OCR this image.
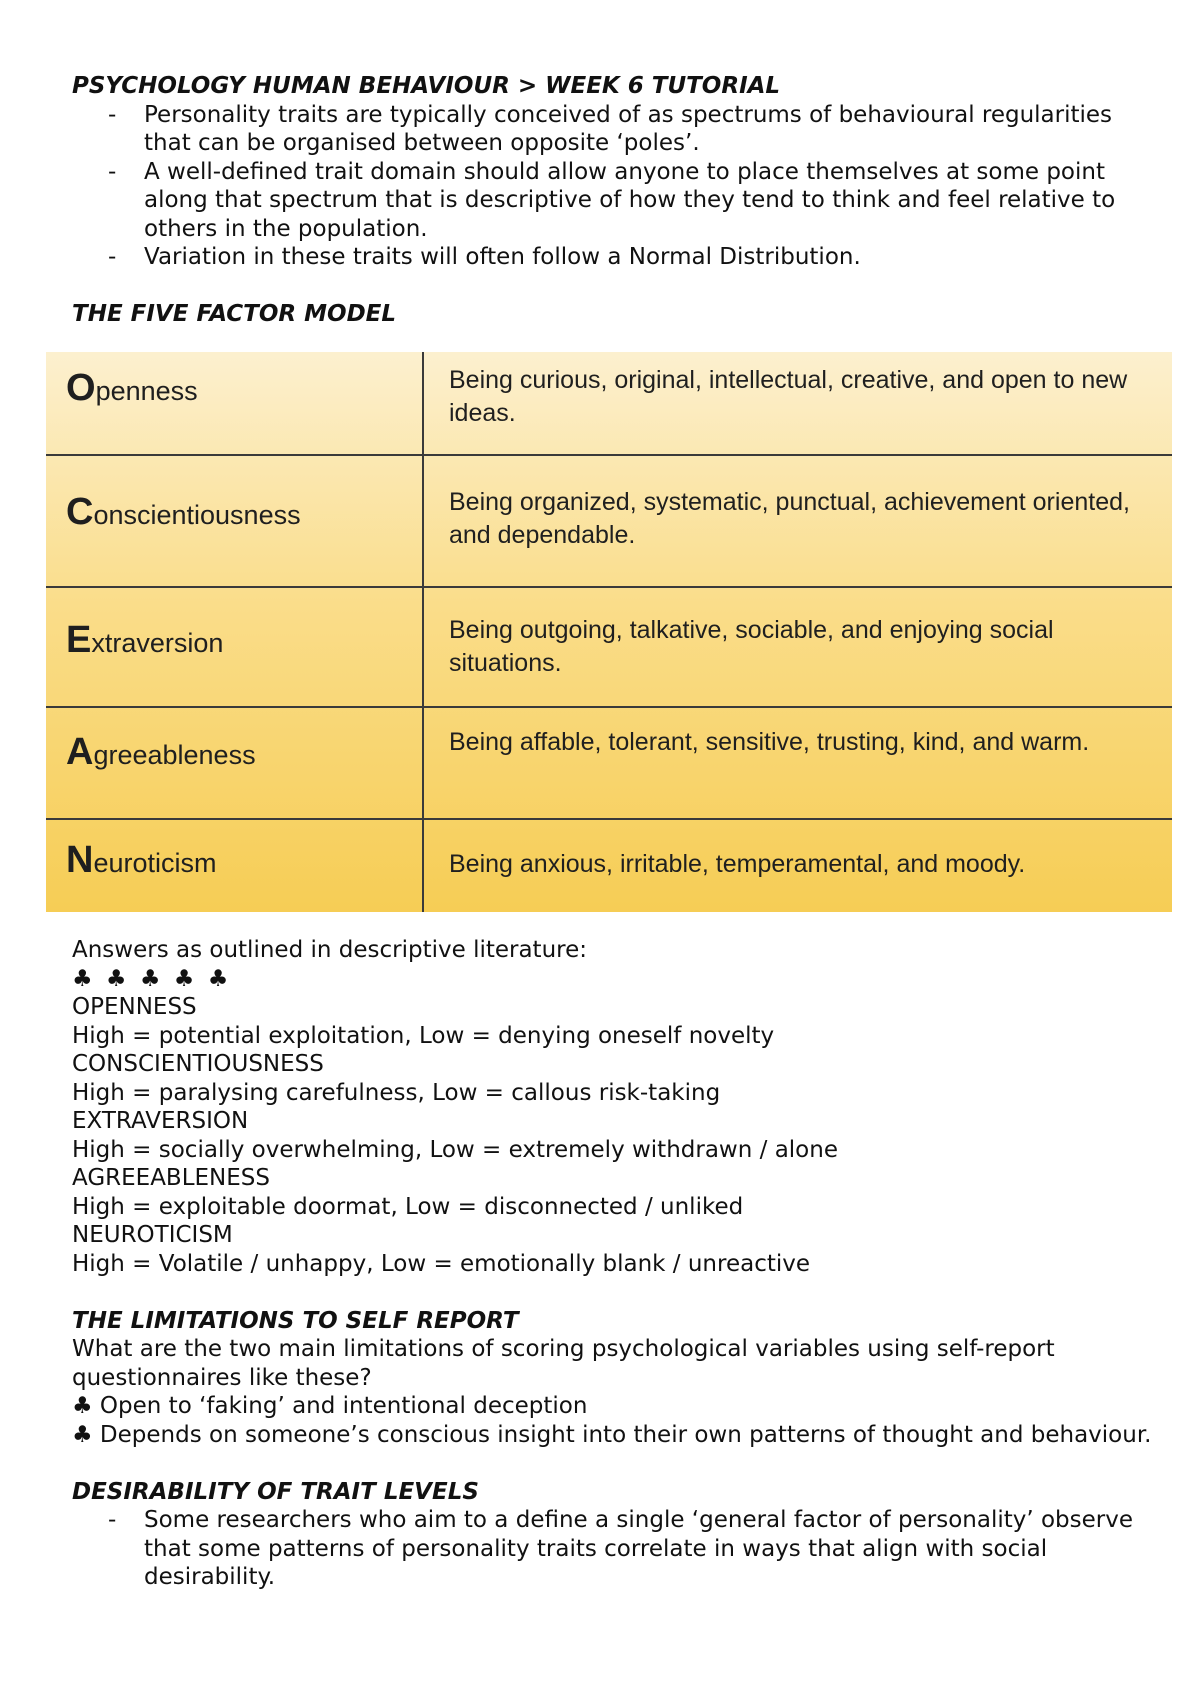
PSYCHOLOGY HUMAN BEHAVIOUR > WEEK 6 TUTORIAL

- Personality traits are typically conceived of as spectrums of behavioural regularities that can be organised between opposite ‘poles’.
- A well-defined trait domain should allow anyone to place themselves at some point along that spectrum that is descriptive of how they tend to think and feel relative to others in the population.
- Variation in these traits will often follow a Normal Distribution.

THE FIVE FACTOR MODEL

Openness	Being curious, original, intellectual, creative, and open to new ideas.
Conscientiousness	Being organized, systematic, punctual, achievement oriented, and dependable.
Extraversion	Being outgoing, talkative, sociable, and enjoying social situations.
Agreeableness	Being affable, tolerant, sensitive, trusting, kind, and warm.
Neuroticism	Being anxious, irritable, temperamental, and moody.

Answers as outlined in descriptive literature:

♣ ♣ ♣ ♣ ♣

OPENNESS

High = potential exploitation, Low = denying oneself novelty

CONSCIENTIOUSNESS

High = paralysing carefulness, Low = callous risk-taking

EXTRAVERSION

High = socially overwhelming, Low = extremely withdrawn / alone

AGREEABLENESS

High = exploitable doormat, Low = disconnected / unliked

NEUROTICISM

High = Volatile / unhappy, Low = emotionally blank / unreactive

THE LIMITATIONS TO SELF REPORT

What are the two main limitations of scoring psychological variables using self-report questionnaires like these?

♣ Open to ‘faking’ and intentional deception

♣ Depends on someone’s conscious insight into their own patterns of thought and behaviour.

DESIRABILITY OF TRAIT LEVELS

- Some researchers who aim to a define a single ‘general factor of personality’ observe that some patterns of personality traits correlate in ways that align with social desirability.
